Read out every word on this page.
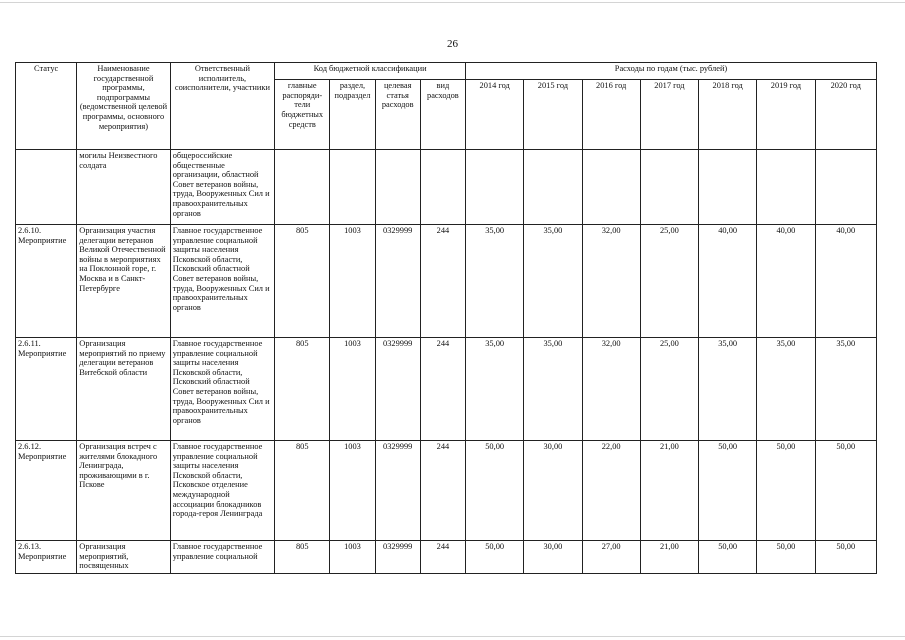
26
Статус	Наименование государственной программы, подпрограммы (ведомственной целевой программы, основного мероприятия)	Ответственный исполнитель, соисполнители, участники	Код бюджетной классификации				Расходы по годам (тыс. рублей)						
			главные распоряди-тели бюджетных средств	раздел, подраздел	целевая статья расходов	вид расходов	2014 год	2015 год	2016 год	2017 год	2018 год	2019 год	2020 год
	могилы Неизвестного солдата	общероссийские общественные организации, областной Совет ветеранов войны, труда, Вооруженных Сил и правоохранительных органов											
2.6.10. Мероприятие	Организация участия делегации ветеранов Великой Отечественной войны в мероприятиях на Поклонной горе, г. Москва и в Санкт-Петербурге	Главное государственное управление социальной защиты населения Псковской области, Псковский областной Совет ветеранов войны, труда, Вооруженных Сил и правоохранительных органов	805	1003	0329999	244	35,00	35,00	32,00	25,00	40,00	40,00	40,00
2.6.11. Мероприятие	Организация мероприятий по приему делегации ветеранов Витебской области	Главное государственное управление социальной защиты населения Псковской области, Псковский областной Совет ветеранов войны, труда, Вооруженных Сил и правоохранительных органов	805	1003	0329999	244	35,00	35,00	32,00	25,00	35,00	35,00	35,00
2.6.12. Мероприятие	Организация встреч с жителями блокадного Ленинграда, проживающими в г. Пскове	Главное государственное управление социальной защиты населения Псковской области, Псковское отделение международной ассоциации блокадников города-героя Ленинграда	805	1003	0329999	244	50,00	30,00	22,00	21,00	50,00	50,00	50,00
2.6.13. Мероприятие	Организация мероприятий, посвященных	Главное государственное управление социальной	805	1003	0329999	244	50,00	30,00	27,00	21,00	50,00	50,00	50,00
